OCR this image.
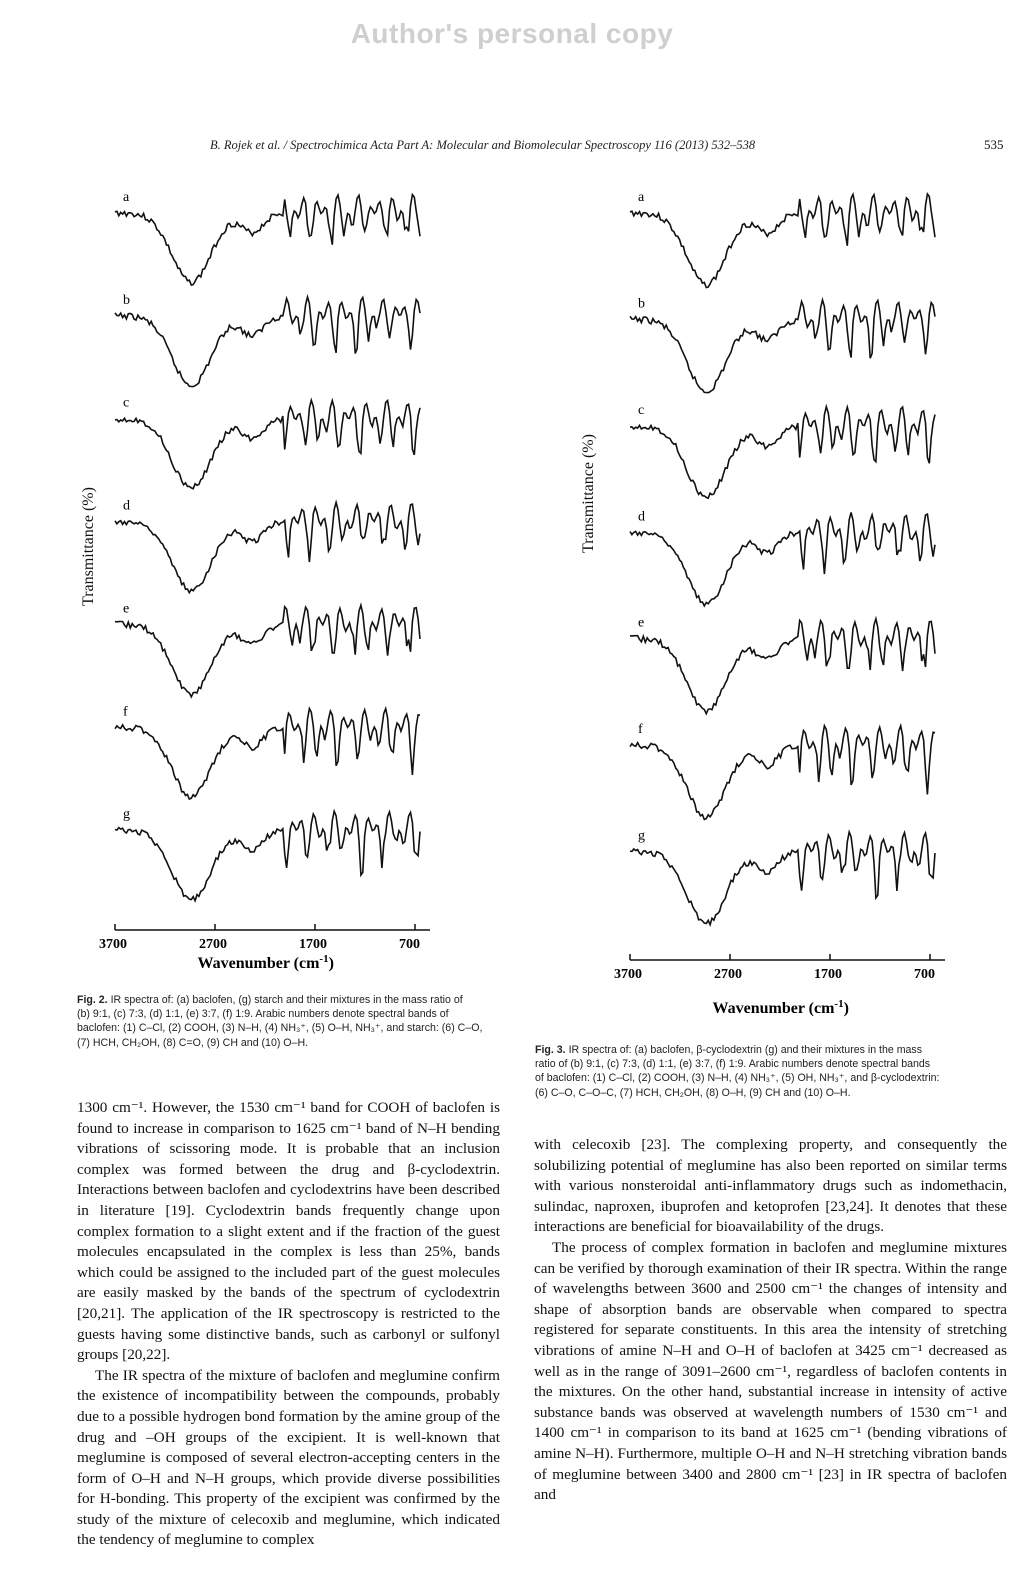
Author's personal copy
B. Rojek et al. / Spectrochimica Acta Part A: Molecular and Biomolecular Spectroscopy 116 (2013) 532–538	535
a
b
c
d
e
f
g
3700	2700	1700	700
Wavenumber $(cm^{-1})$
Transmittance (%)
Fig. 2. IR spectra of: (a) baclofen, (g) starch and their mixtures in the mass ratio of
(b) 9:1, (c) 7:3, (d) 1:1, (e) 3:7, (f) 1:9. Arabic numbers denote spectral bands of
baclofen: (1) C–Cl, (2) COOH, (3) N–H, (4) NH₃⁺, (5) O–H, NH₃⁺, and starch: (6) C–O,
(7) HCH, CH₂OH, (8) C=O, (9) CH and (10) O–H.
a
b
c
d
e
f
g
3700	2700	1700	700
Wavenumber $(cm^{-1})$
Transmittance (%)
Fig. 3. IR spectra of: (a) baclofen, β-cyclodextrin (g) and their mixtures in the mass
ratio of (b) 9:1, (c) 7:3, (d) 1:1, (e) 3:7, (f) 1:9. Arabic numbers denote spectral bands
of baclofen: (1) C–Cl, (2) COOH, (3) N–H, (4) NH₃⁺, (5) OH, NH₃⁺, and β-cyclodextrin:
(6) C–O, C–O–C, (7) HCH, CH₂OH, (8) O–H, (9) CH and (10) O–H.

1300 cm⁻¹. However, the 1530 cm⁻¹ band for COOH of baclofen is found to increase in comparison to 1625 cm⁻¹ band of N–H bending vibrations of scissoring mode. It is probable that an inclusion complex was formed between the drug and β-cyclodextrin. Interactions between baclofen and cyclodextrins have been described in literature [19]. Cyclodextrin bands frequently change upon complex formation to a slight extent and if the fraction of the guest molecules encapsulated in the complex is less than 25%, bands which could be assigned to the included part of the guest molecules are easily masked by the bands of the spectrum of cyclodextrin [20,21]. The application of the IR spectroscopy is restricted to the guests having some distinctive bands, such as carbonyl or sulfonyl groups [20,22].

The IR spectra of the mixture of baclofen and meglumine confirm the existence of incompatibility between the compounds, probably due to a possible hydrogen bond formation by the amine group of the drug and –OH groups of the excipient. It is well-known that meglumine is composed of several electron-accepting centers in the form of O–H and N–H groups, which provide diverse possibilities for H-bonding. This property of the excipient was confirmed by the study of the mixture of celecoxib and meglumine, which indicated the tendency of meglumine to complex

with celecoxib [23]. The complexing property, and consequently the solubilizing potential of meglumine has also been reported on similar terms with various nonsteroidal anti-inflammatory drugs such as indomethacin, sulindac, naproxen, ibuprofen and ketoprofen [23,24]. It denotes that these interactions are beneficial for bioavailability of the drugs.

The process of complex formation in baclofen and meglumine mixtures can be verified by thorough examination of their IR spectra. Within the range of wavelengths between 3600 and 2500 cm⁻¹ the changes of intensity and shape of absorption bands are observable when compared to spectra registered for separate constituents. In this area the intensity of stretching vibrations of amine N–H and O–H of baclofen at 3425 cm⁻¹ decreased as well as in the range of 3091–2600 cm⁻¹, regardless of baclofen contents in the mixtures. On the other hand, substantial increase in intensity of active substance bands was observed at wavelength numbers of 1530 cm⁻¹ and 1400 cm⁻¹ in comparison to its band at 1625 cm⁻¹ (bending vibrations of amine N–H). Furthermore, multiple O–H and N–H stretching vibration bands of meglumine between 3400 and 2800 cm⁻¹ [23] in IR spectra of baclofen and
